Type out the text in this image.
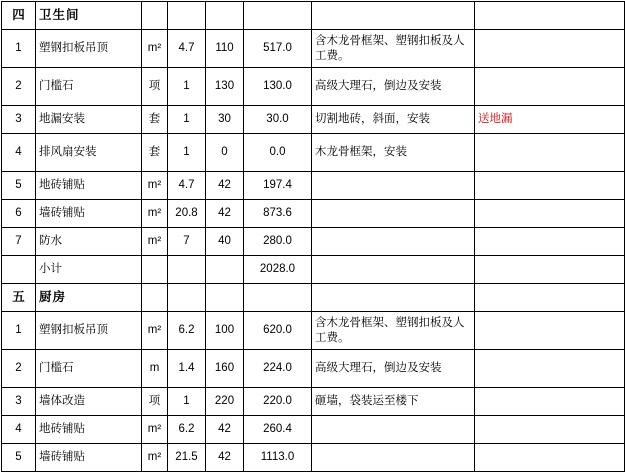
四	卫生间						
1	塑钢扣板吊顶	m²	4.7	110	517.0	含木龙骨框架、塑钢扣板及人工费。	
2	门槛石	项	1	130	130.0	高级大理石，倒边及安装	
3	地漏安装	套	1	30	30.0	切割地砖，斜面，安装	送地漏
4	排风扇安装	套	1	0	0.0	木龙骨框架，安装	
5	地砖铺贴	m²	4.7	42	197.4		
6	墙砖铺贴	m²	20.8	42	873.6		
7	防水	m²	7	40	280.0		
	小计				2028.0		
五	厨房						
1	塑钢扣板吊顶	m²	6.2	100	620.0	含木龙骨框架、塑钢扣板及人工费。	
2	门槛石	m	1.4	160	224.0	高级大理石，倒边及安装	
3	墙体改造	项	1	220	220.0	砸墙，袋装运至楼下	
4	地砖铺贴	m²	6.2	42	260.4		
5	墙砖铺贴	m²	21.5	42	1113.0		
